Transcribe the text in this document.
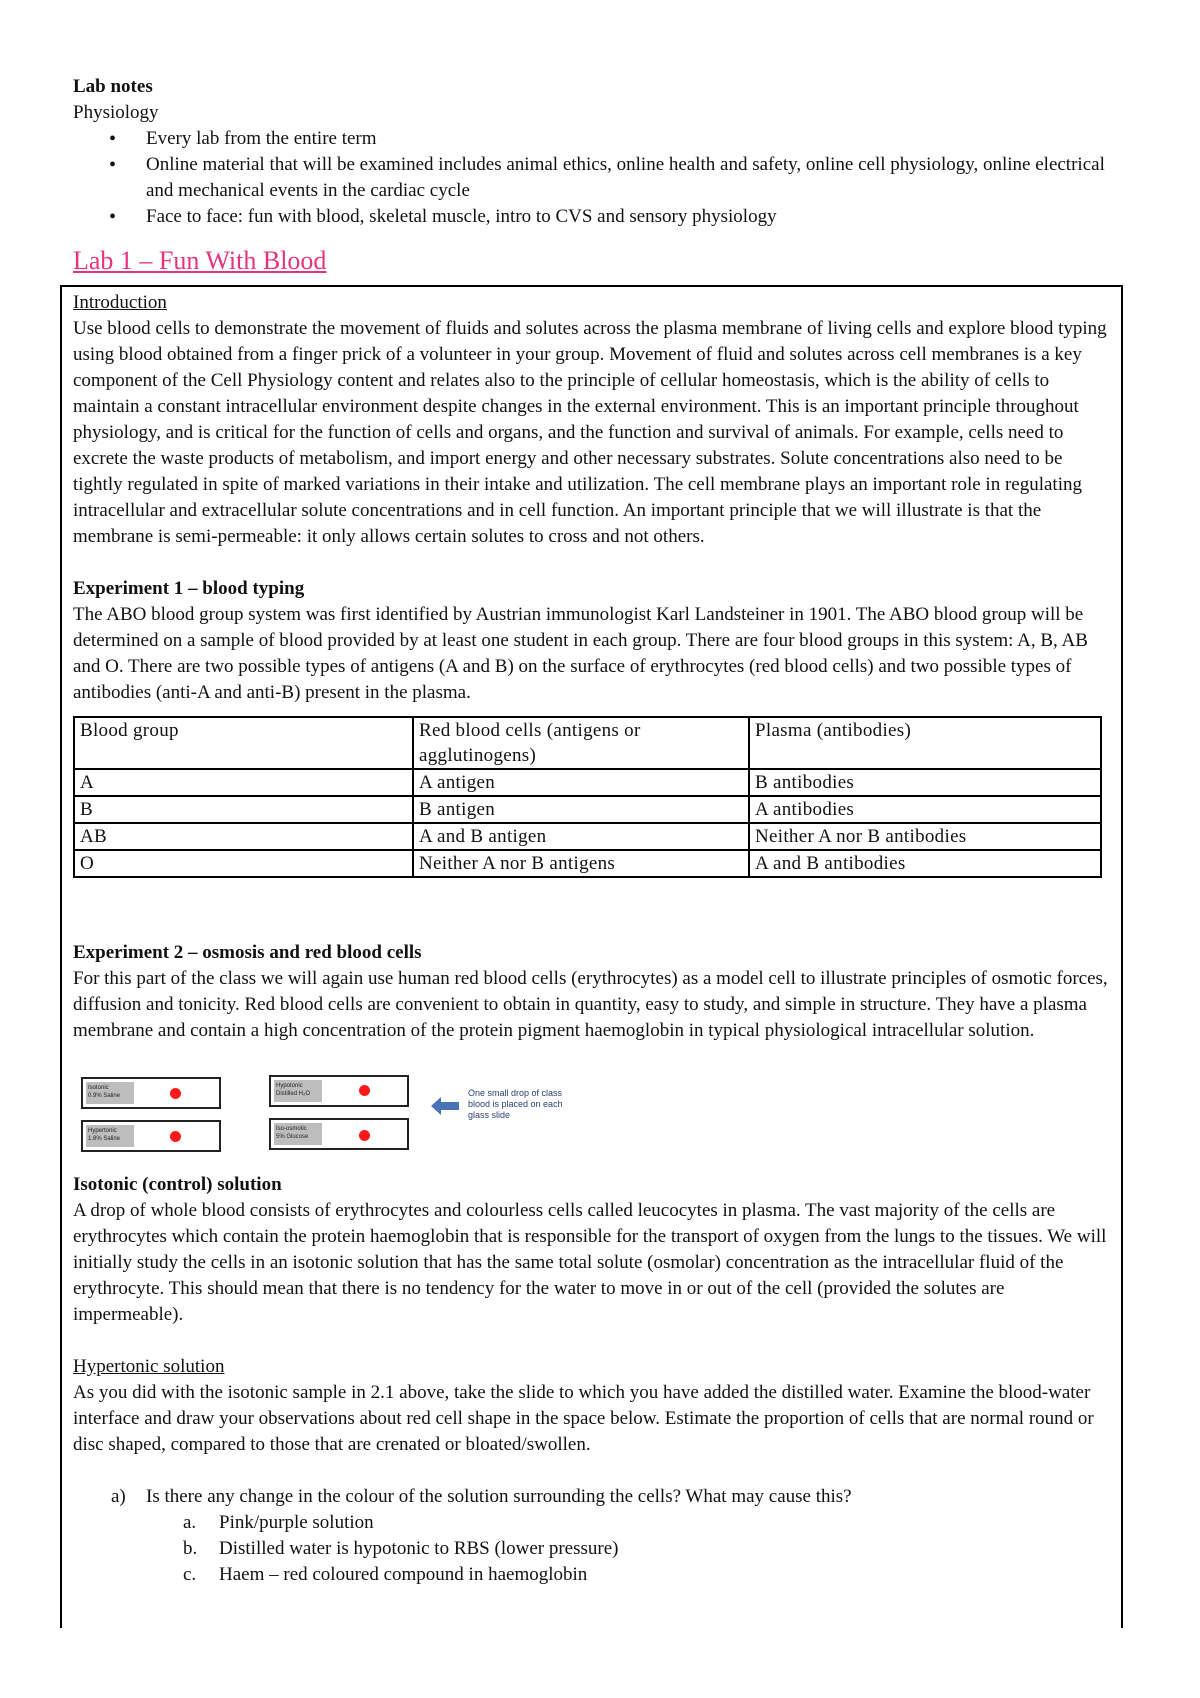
Lab notes

Physiology

• Every lab from the entire term
• Online material that will be examined includes animal ethics, online health and safety, online cell physiology, online electrical and mechanical events in the cardiac cycle
• Face to face: fun with blood, skeletal muscle, intro to CVS and sensory physiology
Lab 1 – Fun With Blood

Introduction

Use blood cells to demonstrate the movement of fluids and solutes across the plasma membrane of living cells and explore blood typing using blood obtained from a finger prick of a volunteer in your group. Movement of fluid and solutes across cell membranes is a key component of the Cell Physiology content and relates also to the principle of cellular homeostasis, which is the ability of cells to maintain a constant intracellular environment despite changes in the external environment. This is an important principle throughout physiology, and is critical for the function of cells and organs, and the function and survival of animals. For example, cells need to excrete the waste products of metabolism, and import energy and other necessary substrates. Solute concentrations also need to be tightly regulated in spite of marked variations in their intake and utilization. The cell membrane plays an important role in regulating intracellular and extracellular solute concentrations and in cell function. An important principle that we will illustrate is that the membrane is semi-permeable: it only allows certain solutes to cross and not others.

Experiment 1 – blood typing

The ABO blood group system was first identified by Austrian immunologist Karl Landsteiner in 1901. The ABO blood group will be determined on a sample of blood provided by at least one student in each group. There are four blood groups in this system: A, B, AB and O. There are two possible types of antigens (A and B) on the surface of erythrocytes (red blood cells) and two possible types of antibodies (anti-A and anti-B) present in the plasma.

Blood group	Red blood cells (antigens or agglutinogens)	Plasma (antibodies)
A	A antigen	B antibodies
B	B antigen	A antibodies
AB	A and B antigen	Neither A nor B antibodies
O	Neither A nor B antigens	A and B antibodies

Experiment 2 – osmosis and red blood cells

For this part of the class we will again use human red blood cells (erythrocytes) as a model cell to illustrate principles of osmotic forces, diffusion and tonicity. Red blood cells are convenient to obtain in quantity, easy to study, and simple in structure. They have a plasma membrane and contain a high concentration of the protein pigment haemoglobin in typical physiological intracellular solution.

Isotonic
0.9% Saline
Hypertonic
1.8% Saline
Hypotonic
Distilled H₂O
Iso-osmotic
5% Glucose
One small drop of class blood is placed on each glass slide

Isotonic (control) solution

A drop of whole blood consists of erythrocytes and colourless cells called leucocytes in plasma. The vast majority of the cells are erythrocytes which contain the protein haemoglobin that is responsible for the transport of oxygen from the lungs to the tissues. We will initially study the cells in an isotonic solution that has the same total solute (osmolar) concentration as the intracellular fluid of the erythrocyte. This should mean that there is no tendency for the water to move in or out of the cell (provided the solutes are impermeable).

Hypertonic solution

As you did with the isotonic sample in 2.1 above, take the slide to which you have added the distilled water. Examine the blood-water interface and draw your observations about red cell shape in the space below. Estimate the proportion of cells that are normal round or disc shaped, compared to those that are crenated or bloated/swollen.

a) Is there any change in the colour of the solution surrounding the cells? What may cause this?
a. Pink/purple solution
b. Distilled water is hypotonic to RBS (lower pressure)
c. Haem – red coloured compound in haemoglobin
